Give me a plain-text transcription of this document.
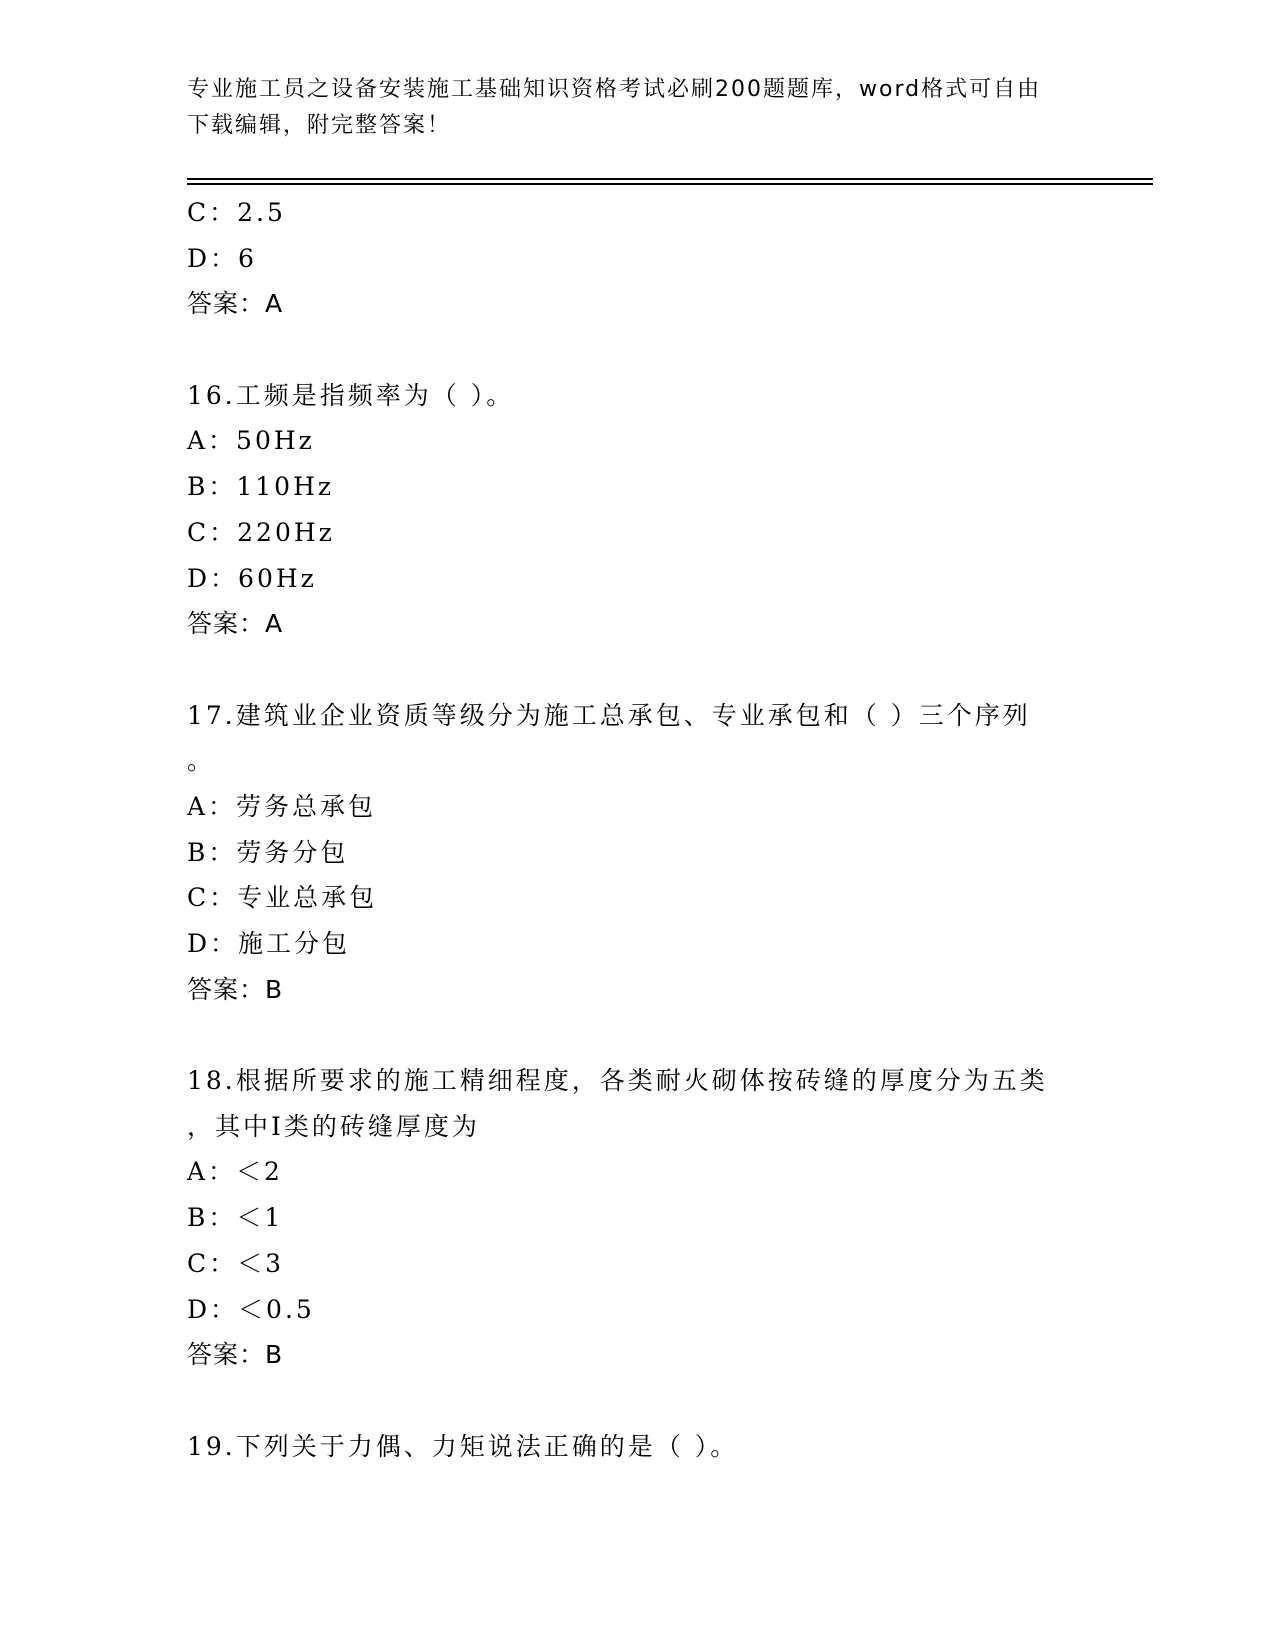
专业施工员之设备安装施工基础知识资格考试必刷200题题库，word格式可自由
下载编辑，附完整答案！
C：2.5
D：6
答案：A
16.工频是指频率为（ ）。
A：50Hz
B：110Hz
C：220Hz
D：60Hz
答案：A
17.建筑业企业资质等级分为施工总承包、专业承包和（ ）三个序列
。
A：劳务总承包
B：劳务分包
C：专业总承包
D：施工分包
答案：B
18.根据所要求的施工精细程度，各类耐火砌体按砖缝的厚度分为五类
，其中Ⅰ类的砖缝厚度为
A：＜2
B：＜1
C：＜3
D：＜0.5
答案：B
19.下列关于力偶、力矩说法正确的是（ ）。
